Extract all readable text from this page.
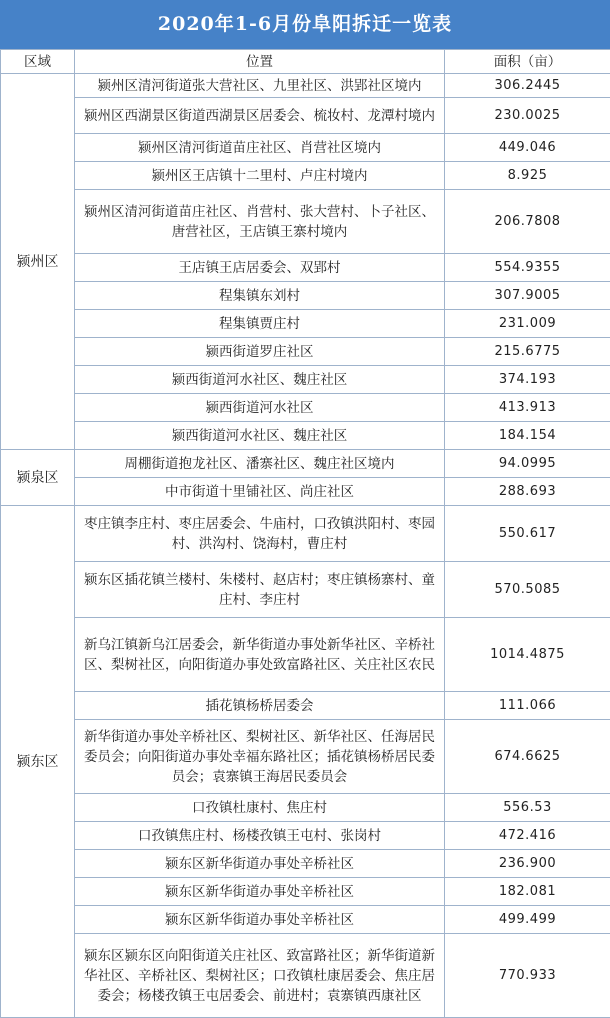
2020年1-6月份阜阳拆迁一览表
区域	位置	面积（亩）
颍州区	颍州区清河街道张大营社区、九里社区、洪郢社区境内	306.2445
	颍州区西湖景区街道西湖景区居委会、梳妆村、龙潭村境内	230.0025
	颍州区清河街道苗庄社区、肖营社区境内	449.046
	颍州区王店镇十二里村、卢庄村境内	8.925
	颍州区清河街道苗庄社区、肖营村、张大营村、卜子社区、唐营社区，王店镇王寨村境内	206.7808
	王店镇王店居委会、双郢村	554.9355
	程集镇东刘村	307.9005
	程集镇贾庄村	231.009
	颍西街道罗庄社区	215.6775
	颍西街道河水社区、魏庄社区	374.193
	颍西街道河水社区	413.913
	颍西街道河水社区、魏庄社区	184.154
颍泉区	周棚街道抱龙社区、潘寨社区、魏庄社区境内	94.0995
	中市街道十里铺社区、尚庄社区	288.693
颍东区	枣庄镇李庄村、枣庄居委会、牛庙村，口孜镇洪阳村、枣园村、洪沟村、饶海村，曹庄村	550.617
	颍东区插花镇兰楼村、朱楼村、赵店村；枣庄镇杨寨村、童庄村、李庄村	570.5085
	新乌江镇新乌江居委会，新华街道办事处新华社区、辛桥社区、梨树社区，向阳街道办事处致富路社区、关庄社区农民	1014.4875
	插花镇杨桥居委会	111.066
	新华街道办事处辛桥社区、梨树社区、新华社区、任海居民委员会；向阳街道办事处幸福东路社区；插花镇杨桥居民委员会；袁寨镇王海居民委员会	674.6625
	口孜镇杜康村、焦庄村	556.53
	口孜镇焦庄村、杨楼孜镇王屯村、张岗村	472.416
	颍东区新华街道办事处辛桥社区	236.900
	颍东区新华街道办事处辛桥社区	182.081
	颍东区新华街道办事处辛桥社区	499.499
	颍东区颍东区向阳街道关庄社区、致富路社区；新华街道新华社区、辛桥社区、梨树社区；口孜镇杜康居委会、焦庄居委会；杨楼孜镇王屯居委会、前进村；袁寨镇西康社区	770.933
